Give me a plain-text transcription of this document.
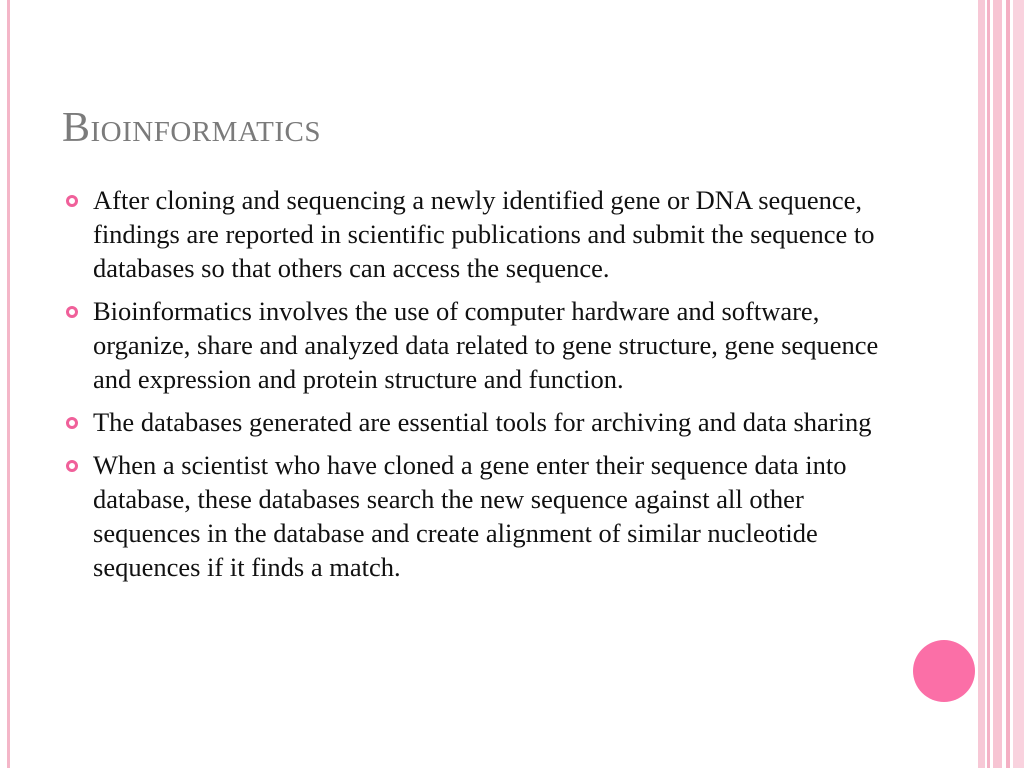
Bioinformatics
After cloning and sequencing a newly identified gene or DNA sequence, findings are reported in scientific publications and submit the sequence to databases so that others can access the sequence.
Bioinformatics involves the use of computer hardware and software, organize, share and analyzed data related to gene structure, gene sequence and expression and protein structure and function.
The databases generated are essential tools for archiving and data sharing
When a scientist who have cloned a gene enter their sequence data into database, these databases search the new sequence against all other sequences in the database and create alignment of similar nucleotide sequences if it finds a match.
